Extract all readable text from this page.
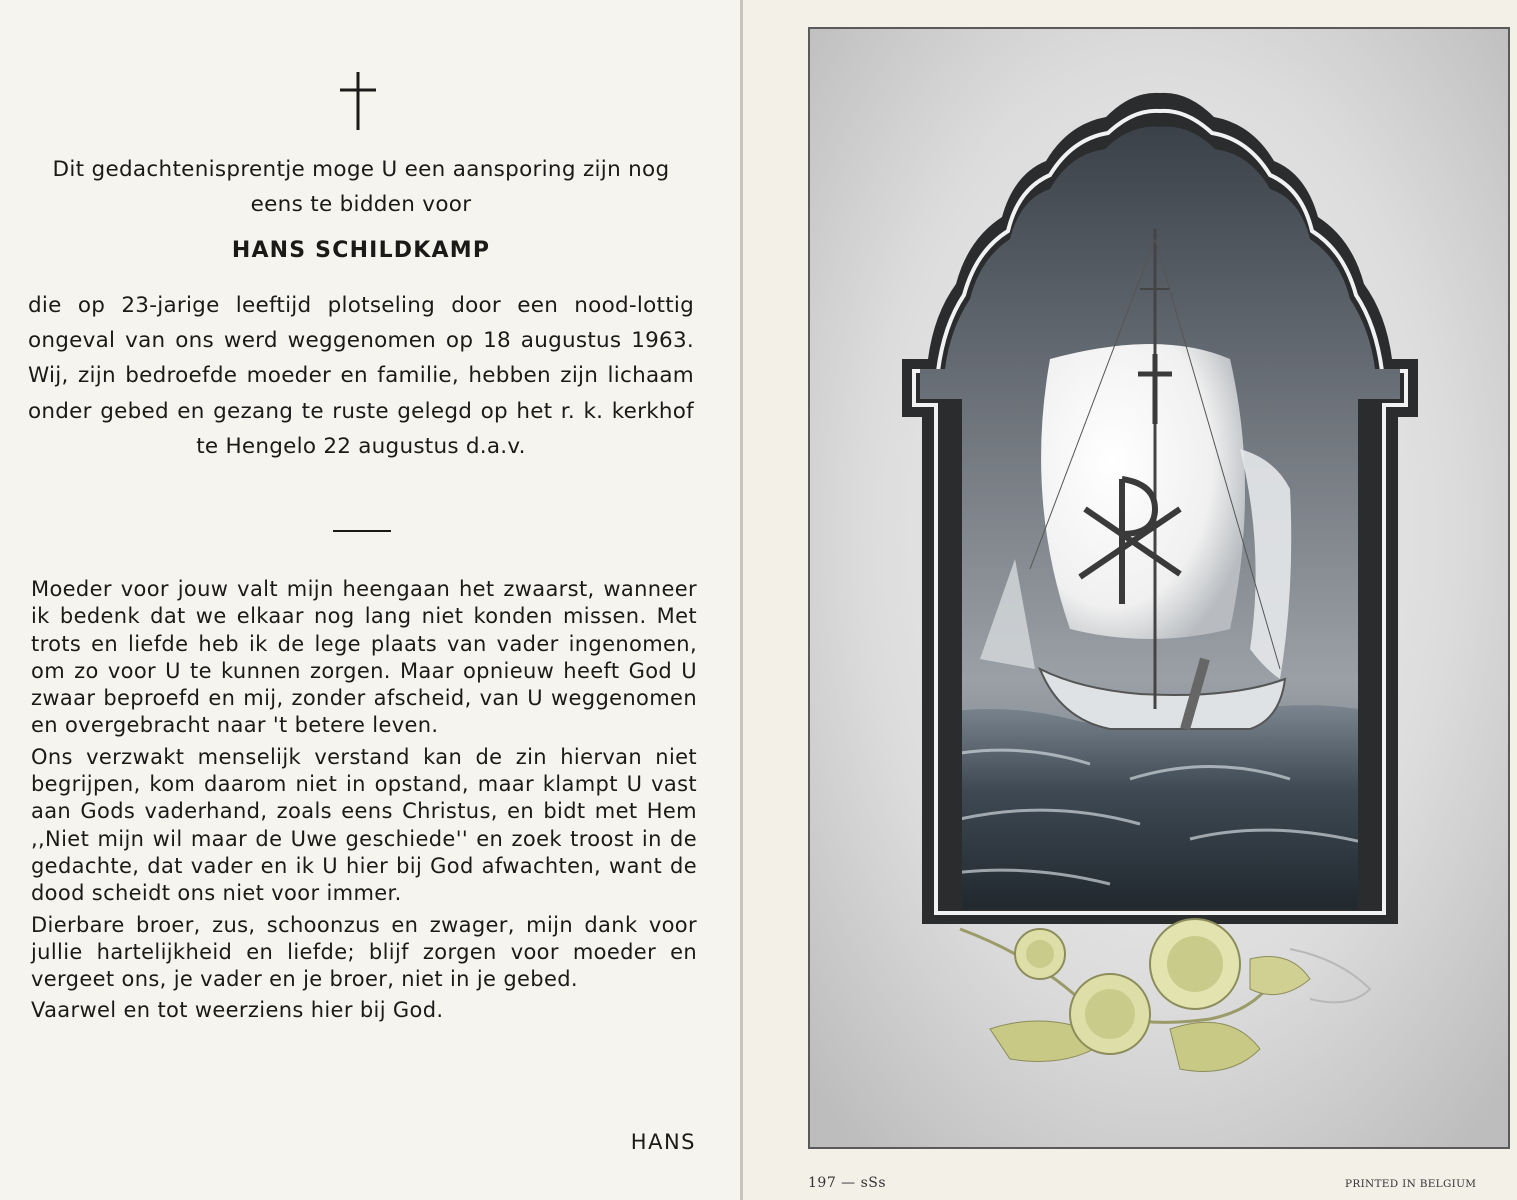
Dit gedachtenisprentje moge U een aansporing zijn nog eens te bidden voor
HANS SCHILDKAMP
die op 23-jarige leeftijd plotseling door een nood-lottig ongeval van ons werd weggenomen op 18 augustus 1963. Wij, zijn bedroefde moeder en familie, hebben zijn lichaam onder gebed en gezang te ruste gelegd op het r. k. kerkhof te Hengelo 22 augustus d.a.v.

Moeder voor jouw valt mijn heengaan het zwaarst, wanneer ik bedenk dat we elkaar nog lang niet konden missen. Met trots en liefde heb ik de lege plaats van vader ingenomen, om zo voor U te kunnen zorgen. Maar opnieuw heeft God U zwaar beproefd en mij, zonder afscheid, van U weggenomen en overgebracht naar 't betere leven.

Ons verzwakt menselijk verstand kan de zin hiervan niet begrijpen, kom daarom niet in opstand, maar klampt U vast aan Gods vaderhand, zoals eens Christus, en bidt met Hem ,,Niet mijn wil maar de Uwe geschiede'' en zoek troost in de gedachte, dat vader en ik U hier bij God afwachten, want de dood scheidt ons niet voor immer.

Dierbare broer, zus, schoonzus en zwager, mijn dank voor jullie hartelijkheid en liefde; blijf zorgen voor moeder en vergeet ons, je vader en je broer, niet in je gebed.

Vaarwel en tot weerziens hier bij God.

HANS
197 — sSs	PRINTED IN BELGIUM
